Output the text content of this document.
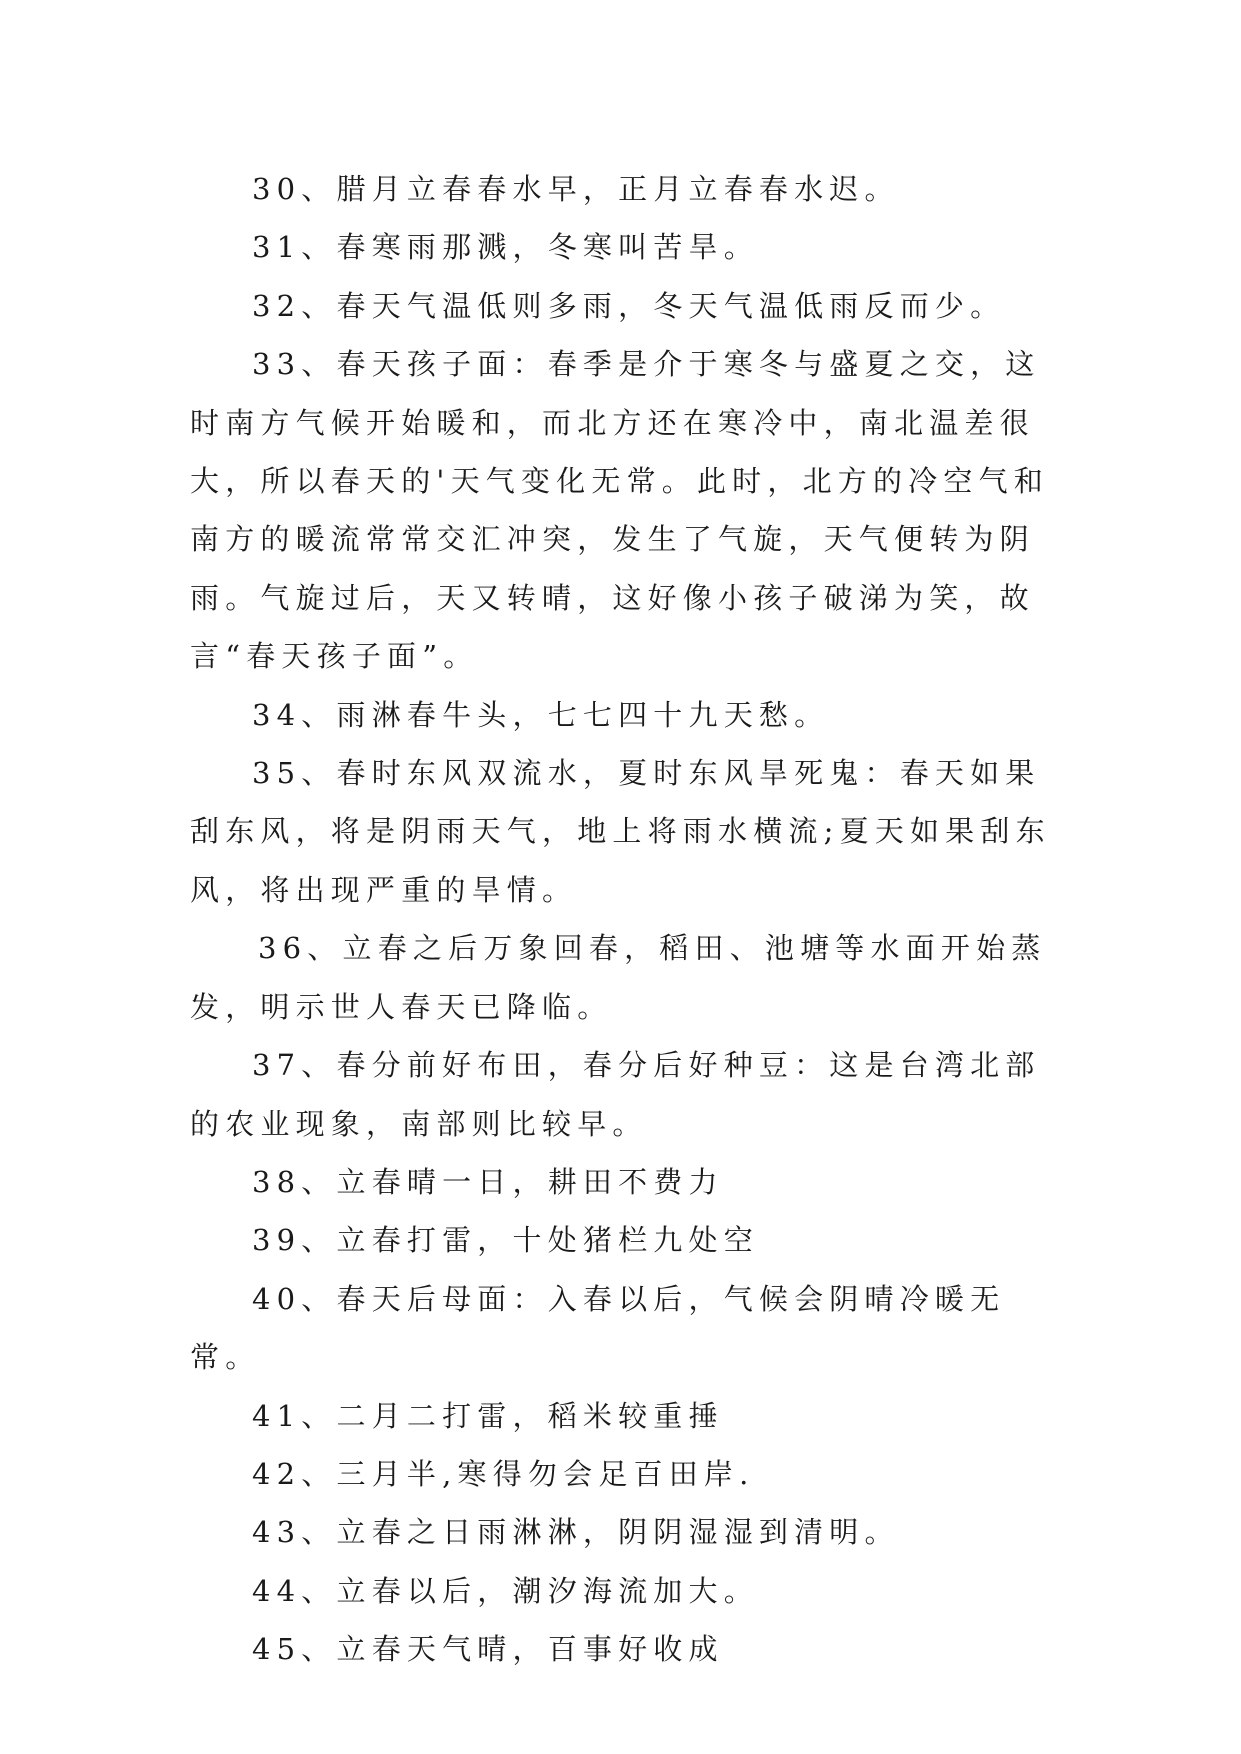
30、腊月立春春水早，正月立春春水迟。

31、春寒雨那溅，冬寒叫苦旱。

32、春天气温低则多雨，冬天气温低雨反而少。

33、春天孩子面：春季是介于寒冬与盛夏之交，这时南方气候开始暖和，而北方还在寒冷中，南北温差很大，所以春天的'天气变化无常。此时，北方的冷空气和南方的暖流常常交汇冲突，发生了气旋，天气便转为阴雨。气旋过后，天又转晴，这好像小孩子破涕为笑，故言“春天孩子面”。

34、雨淋春牛头，七七四十九天愁。

35、春时东风双流水，夏时东风旱死鬼：春天如果刮东风，将是阴雨天气，地上将雨水横流;夏天如果刮东风，将出现严重的旱情。

36、立春之后万象回春，稻田、池塘等水面开始蒸发，明示世人春天已降临。

37、春分前好布田，春分后好种豆：这是台湾北部的农业现象，南部则比较早。

38、立春晴一日，耕田不费力

39、立春打雷，十处猪栏九处空

40、春天后母面：入春以后，气候会阴晴冷暖无常。

41、二月二打雷，稻米较重捶

42、三月半,寒得勿会足百田岸.

43、立春之日雨淋淋，阴阴湿湿到清明。

44、立春以后，潮汐海流加大。

45、立春天气晴，百事好收成
